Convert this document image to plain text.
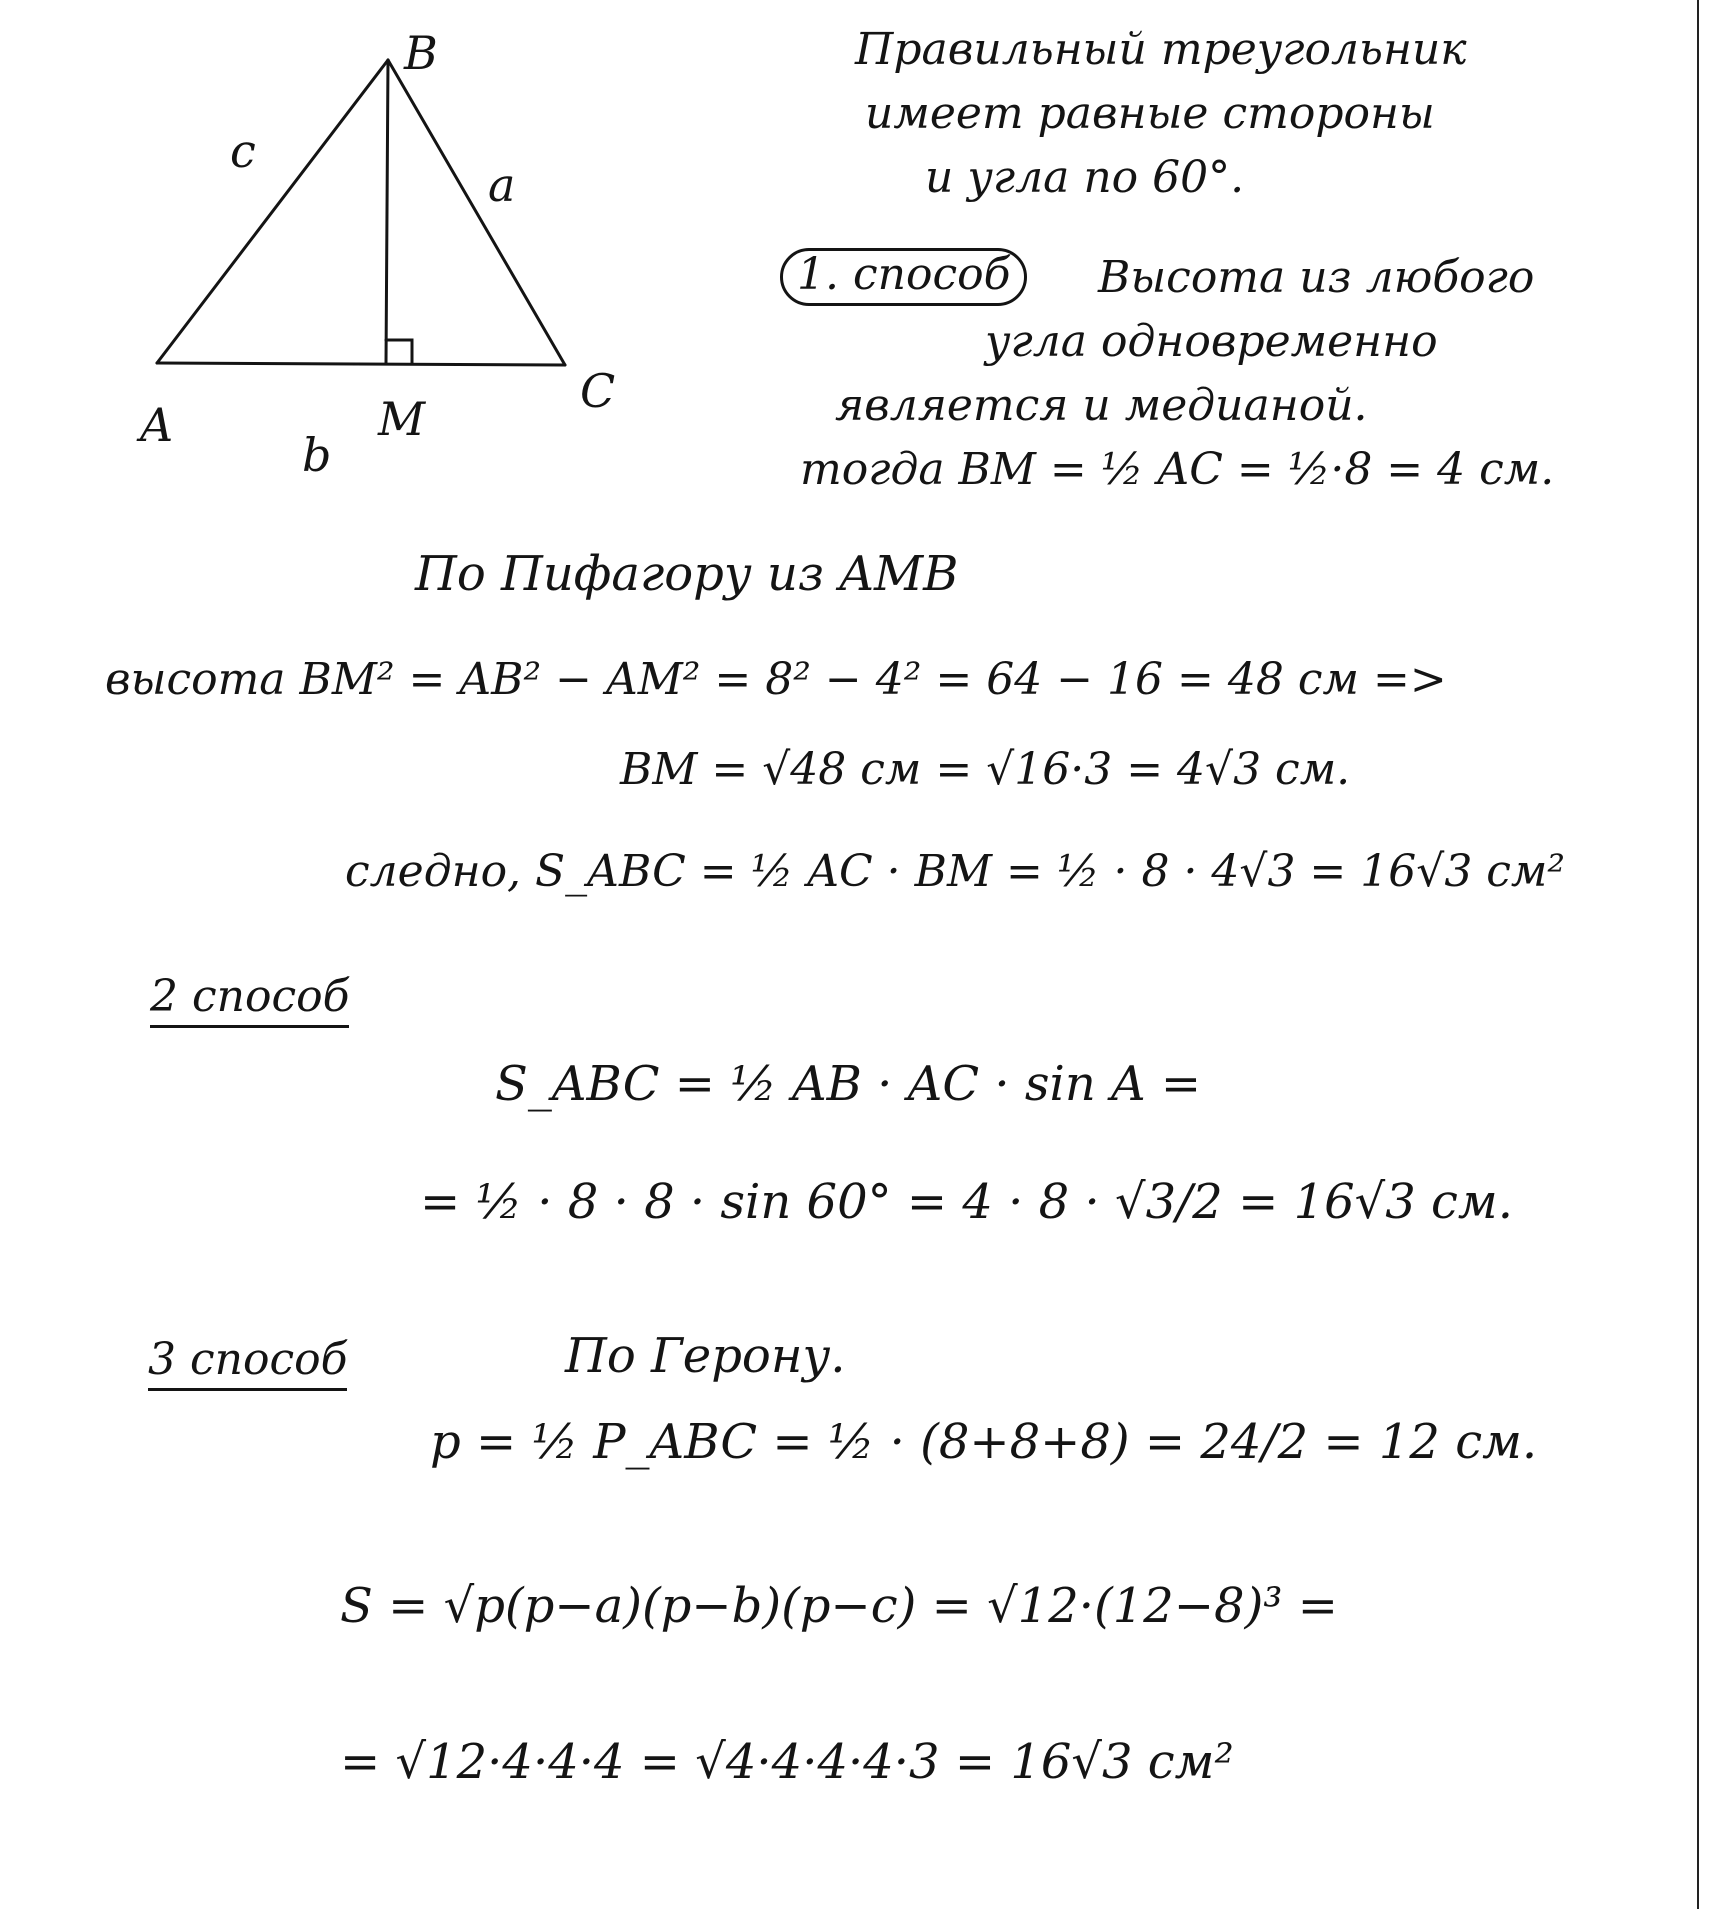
A
B
C
M
a
b
c
Правильный треугольник
имеет равные стороны
и угла по 60°.
1. способ	Высота из любого
угла одновременно
является и медианой.
тогда BM = ½ AC = ½·8 = 4 см.
По Пифагору из AMB
высота BM² = AB² − AM² = 8² − 4² = 64 − 16 = 48 см =>
BM = √48 см = √16·3 = 4√3 см.
следно, S_ABC = ½ AC · BM = ½ · 8 · 4√3 = 16√3 см²
2 способ
S_ABC = ½ AB · AC · sin A =
= ½ · 8 · 8 · sin 60° = 4 · 8 · √3/2 = 16√3 см.
3 способ	По Герону.
p = ½ P_ABC = ½ · (8+8+8) = 24/2 = 12 см.
S = √p(p−a)(p−b)(p−c) = √12·(12−8)³ =
= √12·4·4·4 = √4·4·4·4·3 = 16√3 см²
